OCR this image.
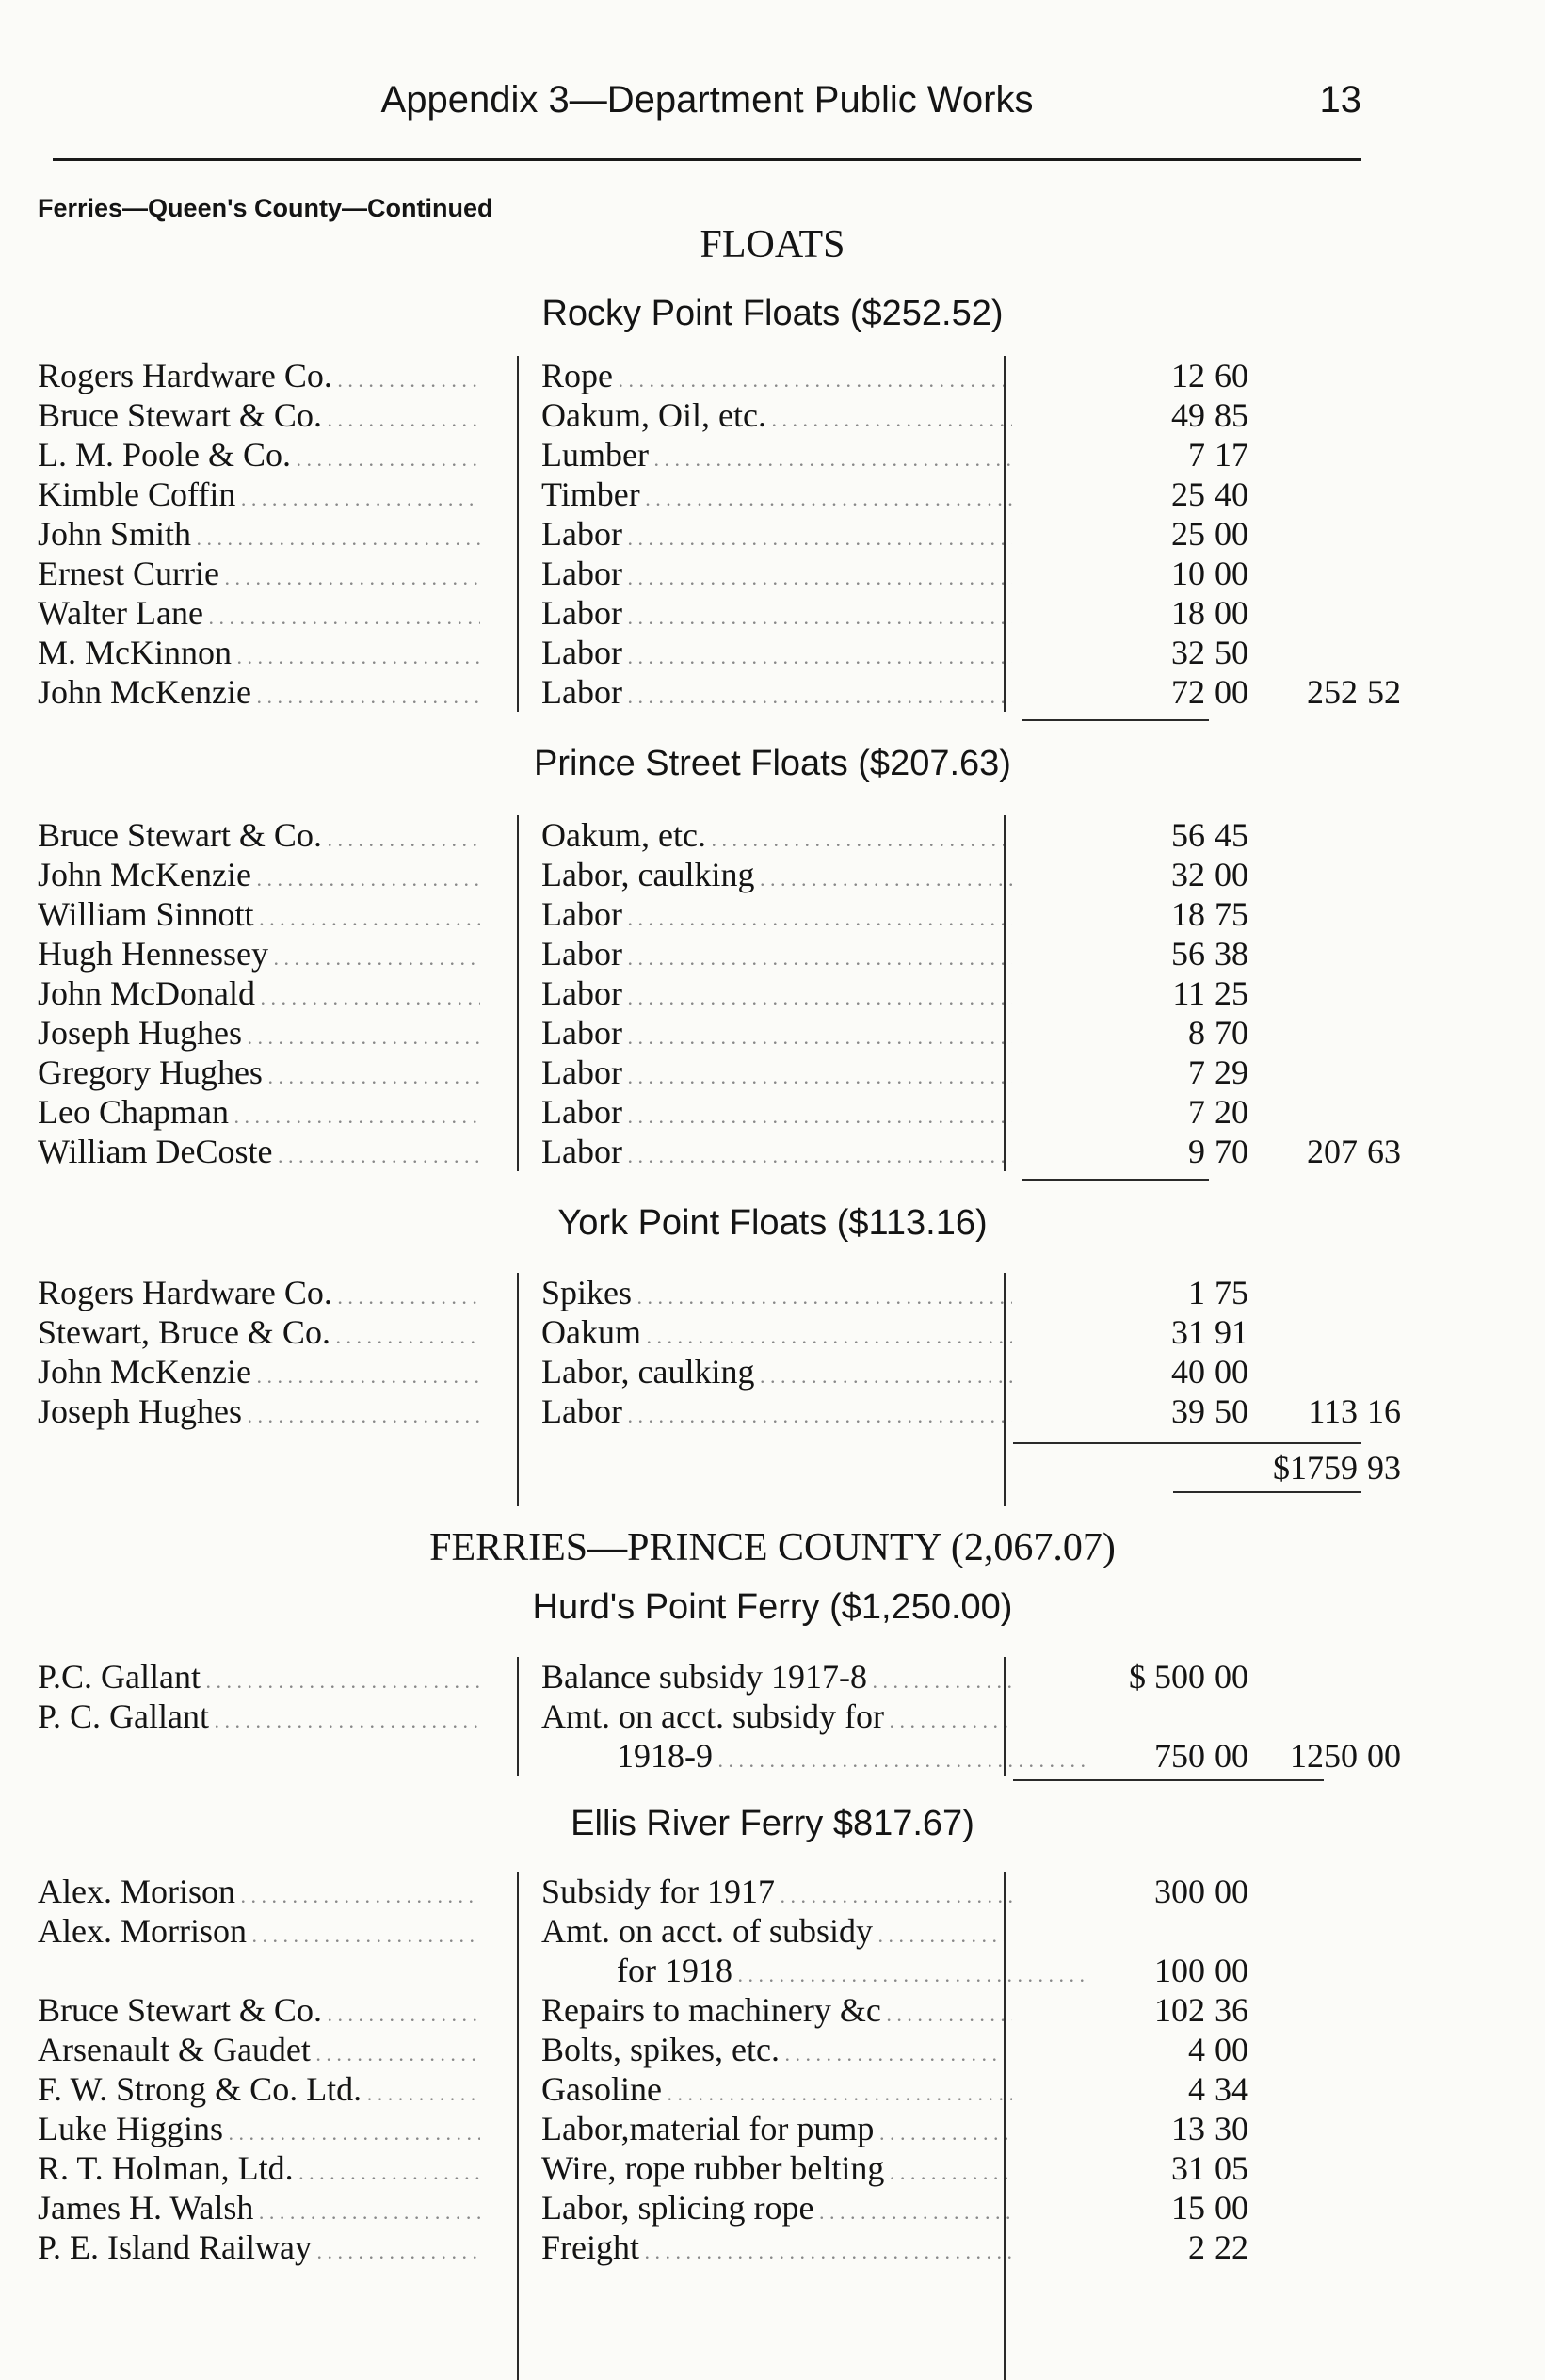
Appendix 3—Department Public Works	13
Ferries—Queen's County—Continued
FLOATS
Rocky Point Floats ($252.52)
Rogers Hardware Co. . . .	Rope . . .	12 60
Bruce Stewart & Co. . . .	Oakum, Oil, etc. . . .	49 85
L. M. Poole & Co. . . .	Lumber . . .	7 17
Kimble Coffin . . .	Timber . . .	25 40
John Smith . . .	Labor . . .	25 00
Ernest Currie . . .	Labor . . .	10 00
Walter Lane . . .	Labor . . .	18 00
M. McKinnon . . .	Labor . . .	32 50
John McKenzie . . .	Labor . . .	72 00	252 52
Prince Street Floats ($207.63)
Bruce Stewart & Co. . . .	Oakum, etc. . . .	56 45
John McKenzie . . .	Labor, caulking . . .	32 00
William Sinnott . . .	Labor . . .	18 75
Hugh Hennessey . . .	Labor . . .	56 38
John McDonald . . .	Labor . . .	11 25
Joseph Hughes . . .	Labor . . .	8 70
Gregory Hughes . . .	Labor . . .	7 29
Leo Chapman . . .	Labor . . .	7 20
William DeCoste . . .	Labor . . .	9 70	207 63
York Point Floats ($113.16)
Rogers Hardware Co. . . .	Spikes . . .	1 75
Stewart, Bruce & Co. . . .	Oakum . . .	31 91
John McKenzie . . .	Labor, caulking . . .	40 00
Joseph Hughes . . .	Labor . . .	39 50	113 16
$1759 93
FERRIES—PRINCE COUNTY (2,067.07)
Hurd's Point Ferry ($1,250.00)
P.C. Gallant . . .	Balance subsidy 1917-8 . . .	$ 500 00
P. C. Gallant . . .	Amt. on acct. subsidy for . . .
1918-9 . . .	750 00	1250 00
Ellis River Ferry $817.67)
Alex. Morison . . .	Subsidy for 1917 . . .	300 00
Alex. Morrison . . .	Amt. on acct. of subsidy . . .
for 1918 . . .	100 00
Bruce Stewart & Co. . . .	Repairs to machinery &c . . .	102 36
Arsenault & Gaudet . . .	Bolts, spikes, etc. . . .	4 00
F. W. Strong & Co. Ltd. . . .	Gasoline . . .	4 34
Luke Higgins . . .	Labor,material for pump . . .	13 30
R. T. Holman, Ltd. . . .	Wire, rope rubber belting . . .	31 05
James H. Walsh . . .	Labor, splicing rope . . .	15 00
P. E. Island Railway . . .	Freight . . .	2 22
